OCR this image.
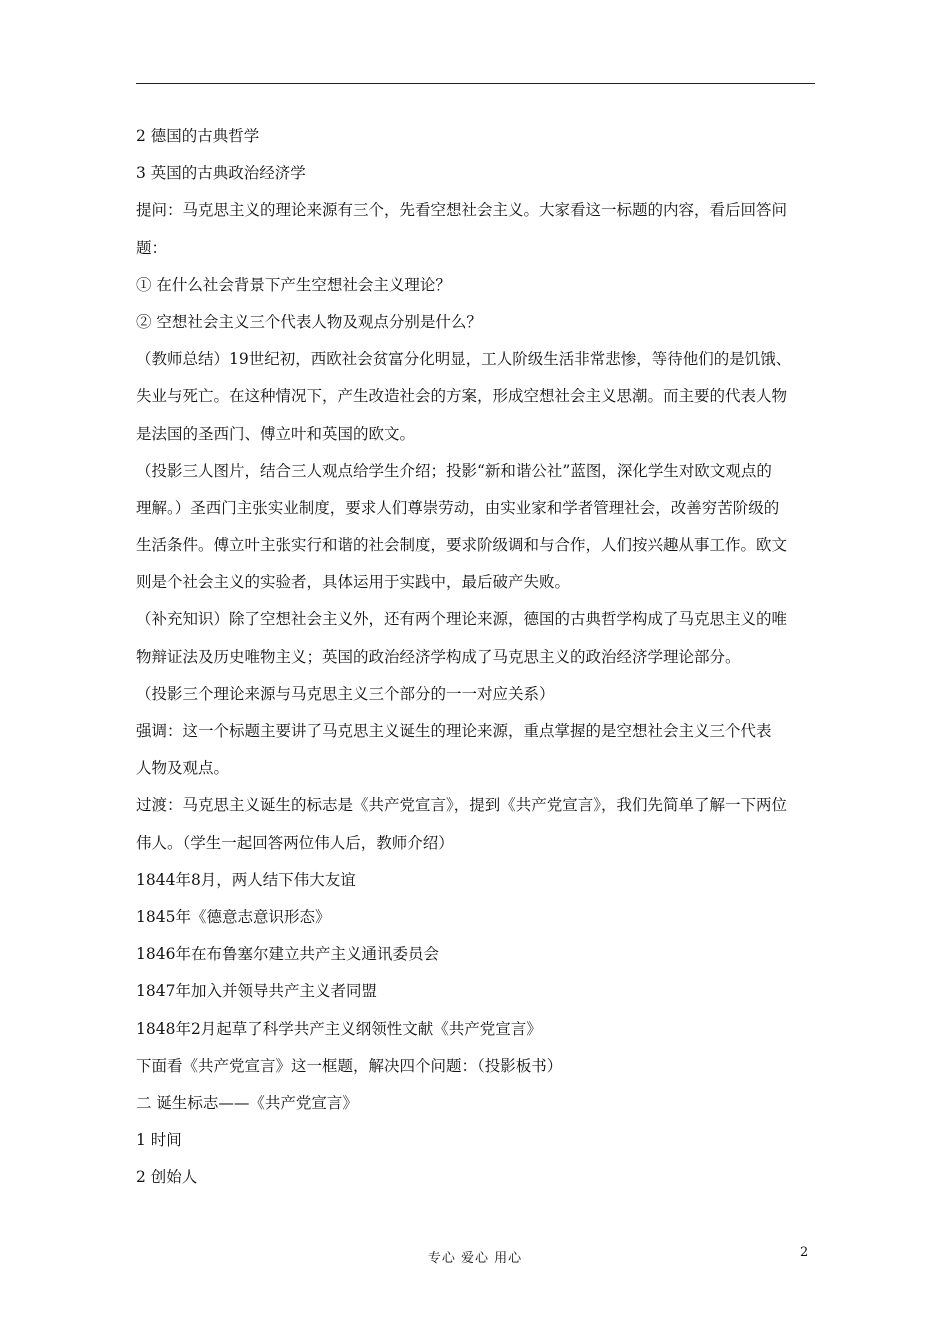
2 德国的古典哲学
3 英国的古典政治经济学
提问：马克思主义的理论来源有三个，先看空想社会主义。大家看这一标题的内容，看后回答问
题：
① 在什么社会背景下产生空想社会主义理论？
② 空想社会主义三个代表人物及观点分别是什么？
（教师总结）19世纪初，西欧社会贫富分化明显，工人阶级生活非常悲惨，等待他们的是饥饿、
失业与死亡。在这种情况下，产生改造社会的方案，形成空想社会主义思潮。而主要的代表人物
是法国的圣西门、傅立叶和英国的欧文。
（投影三人图片，结合三人观点给学生介绍；投影“新和谐公社”蓝图，深化学生对欧文观点的
理解。）圣西门主张实业制度，要求人们尊崇劳动，由实业家和学者管理社会，改善穷苦阶级的
生活条件。傅立叶主张实行和谐的社会制度，要求阶级调和与合作，人们按兴趣从事工作。欧文
则是个社会主义的实验者，具体运用于实践中，最后破产失败。
（补充知识）除了空想社会主义外，还有两个理论来源，德国的古典哲学构成了马克思主义的唯
物辩证法及历史唯物主义；英国的政治经济学构成了马克思主义的政治经济学理论部分。
（投影三个理论来源与马克思主义三个部分的一一对应关系）
强调：这一个标题主要讲了马克思主义诞生的理论来源，重点掌握的是空想社会主义三个代表
人物及观点。
过渡：马克思主义诞生的标志是《共产党宣言》，提到《共产党宣言》，我们先简单了解一下两位
伟人。（学生一起回答两位伟人后，教师介绍）
1844年8月，两人结下伟大友谊
1845年《德意志意识形态》
1846年在布鲁塞尔建立共产主义通讯委员会
1847年加入并领导共产主义者同盟
1848年2月起草了科学共产主义纲领性文献《共产党宣言》
下面看《共产党宣言》这一框题，解决四个问题：（投影板书）
二 诞生标志——《共产党宣言》
1 时间
2 创始人
专心 爱心 用心	2
